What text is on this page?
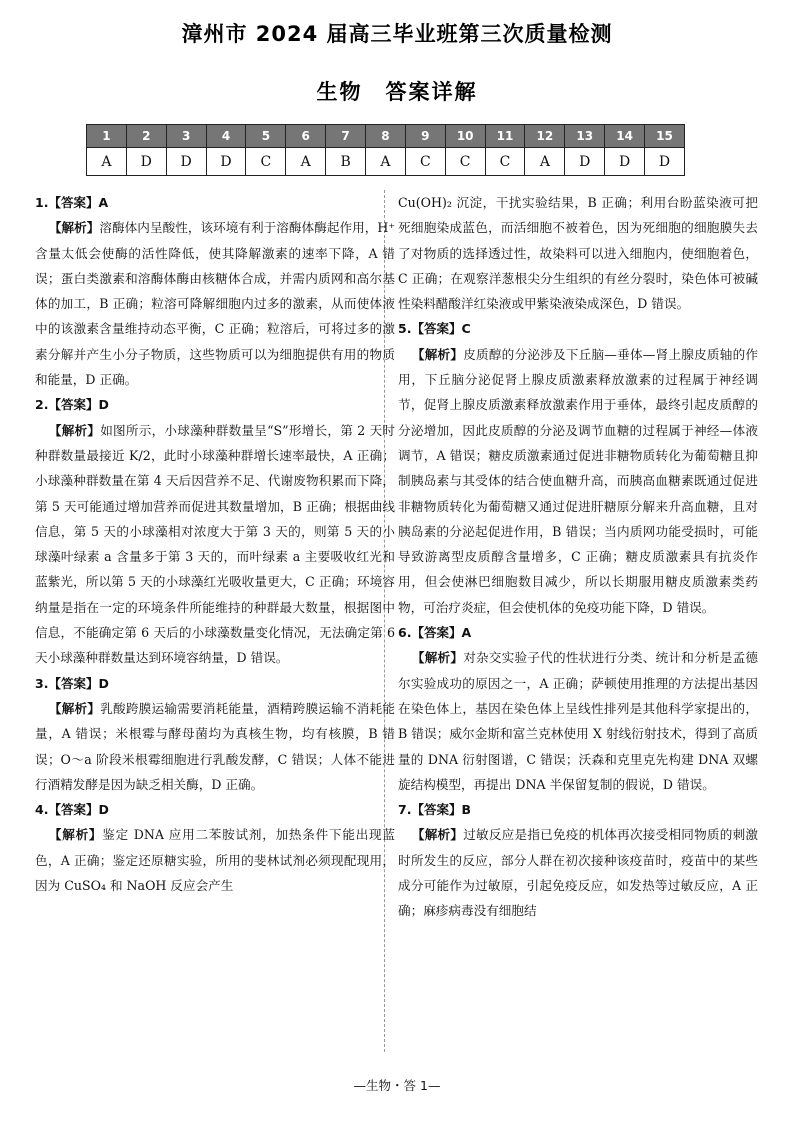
漳州市 2024 届高三毕业班第三次质量检测
生物　答案详解
1	2	3	4	5	6	7	8	9	10	11	12	13	14	15
A	D	D	D	C	A	B	A	C	C	C	A	D	D	D

1.【答案】A

【解析】溶酶体内呈酸性，该环境有利于溶酶体酶起作用，H⁺含量太低会使酶的活性降低，使其降解激素的速率下降，A 错误；蛋白类激素和溶酶体酶由核糖体合成，并需内质网和高尔基体的加工，B 正确；粒溶可降解细胞内过多的激素，从而使体液中的该激素含量维持动态平衡，C 正确；粒溶后，可将过多的激素分解并产生小分子物质，这些物质可以为细胞提供有用的物质和能量，D 正确。

2.【答案】D

【解析】如图所示，小球藻种群数量呈“S”形增长，第 2 天时种群数量最接近 K/2，此时小球藻种群增长速率最快，A 正确；小球藻种群数量在第 4 天后因营养不足、代谢废物积累而下降，第 5 天可能通过增加营养而促进其数量增加，B 正确；根据曲线信息，第 5 天的小球藻相对浓度大于第 3 天的，则第 5 天的小球藻叶绿素 a 含量多于第 3 天的，而叶绿素 a 主要吸收红光和蓝紫光，所以第 5 天的小球藻红光吸收量更大，C 正确；环境容纳量是指在一定的环境条件所能维持的种群最大数量，根据图中信息，不能确定第 6 天后的小球藻数量变化情况，无法确定第 6 天小球藻种群数量达到环境容纳量，D 错误。

3.【答案】D

【解析】乳酸跨膜运输需要消耗能量，酒精跨膜运输不消耗能量，A 错误；米根霉与酵母菌均为真核生物，均有核膜，B 错误；O～a 阶段米根霉细胞进行乳酸发酵，C 错误；人体不能进行酒精发酵是因为缺乏相关酶，D 正确。

4.【答案】D

【解析】鉴定 DNA 应用二苯胺试剂，加热条件下能出现蓝色，A 正确；鉴定还原糖实验，所用的斐林试剂必须现配现用，因为 CuSO₄ 和 NaOH 反应会产生

Cu(OH)₂ 沉淀，干扰实验结果，B 正确；利用台盼蓝染液可把死细胞染成蓝色，而活细胞不被着色，因为死细胞的细胞膜失去了对物质的选择透过性，故染料可以进入细胞内，使细胞着色，C 正确；在观察洋葱根尖分生组织的有丝分裂时，染色体可被碱性染料醋酸洋红染液或甲紫染液染成深色，D 错误。

5.【答案】C

【解析】皮质醇的分泌涉及下丘脑—垂体—肾上腺皮质轴的作用，下丘脑分泌促肾上腺皮质激素释放激素的过程属于神经调节，促肾上腺皮质激素释放激素作用于垂体，最终引起皮质醇的分泌增加，因此皮质醇的分泌及调节血糖的过程属于神经—体液调节，A 错误；糖皮质激素通过促进非糖物质转化为葡萄糖且抑制胰岛素与其受体的结合使血糖升高，而胰高血糖素既通过促进非糖物质转化为葡萄糖又通过促进肝糖原分解来升高血糖，且对胰岛素的分泌起促进作用，B 错误；当内质网功能受损时，可能导致游离型皮质醇含量增多，C 正确；糖皮质激素具有抗炎作用，但会使淋巴细胞数目减少，所以长期服用糖皮质激素类药物，可治疗炎症，但会使机体的免疫功能下降，D 错误。

6.【答案】A

【解析】对杂交实验子代的性状进行分类、统计和分析是孟德尔实验成功的原因之一，A 正确；萨顿使用推理的方法提出基因在染色体上，基因在染色体上呈线性排列是其他科学家提出的，B 错误；威尔金斯和富兰克林使用 X 射线衍射技术，得到了高质量的 DNA 衍射图谱，C 错误；沃森和克里克先构建 DNA 双螺旋结构模型，再提出 DNA 半保留复制的假说，D 错误。

7.【答案】B

【解析】过敏反应是指已免疫的机体再次接受相同物质的刺激时所发生的反应，部分人群在初次接种该疫苗时，疫苗中的某些成分可能作为过敏原，引起免疫反应，如发热等过敏反应，A 正确；麻疹病毒没有细胞结

—生物・答 1—
